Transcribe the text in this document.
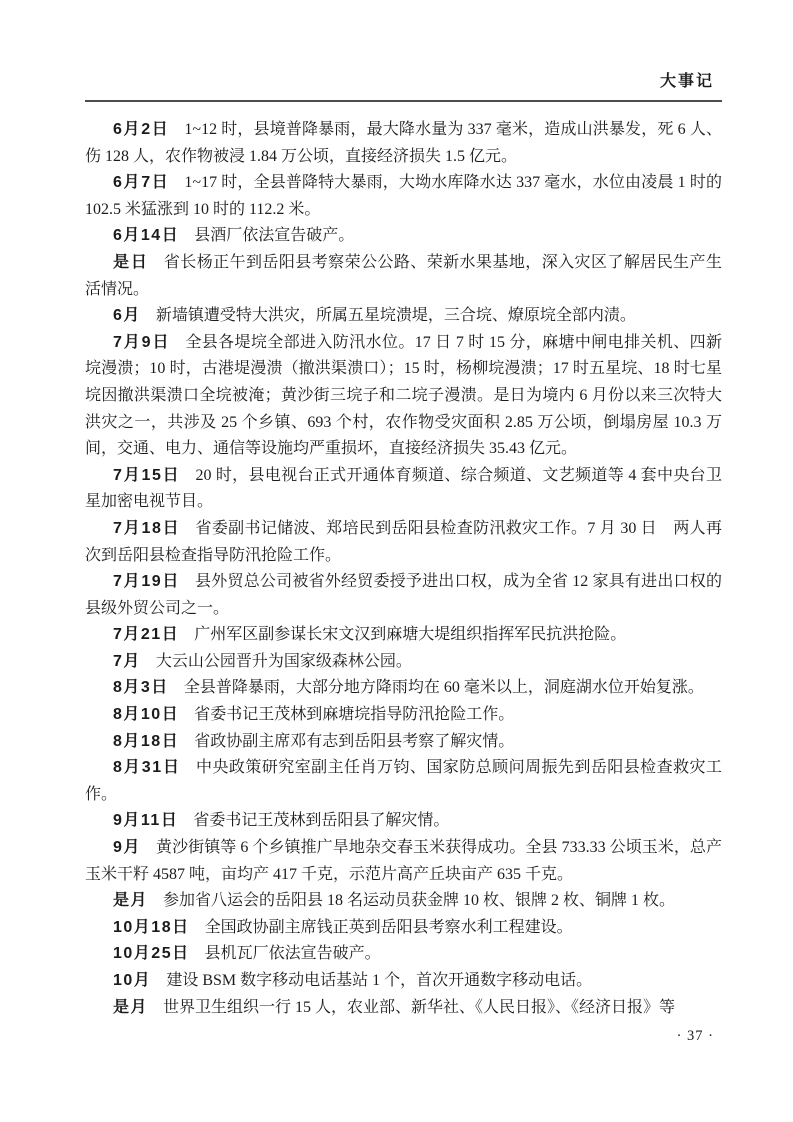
大事记

6月2日 1~12 时，县境普降暴雨，最大降水量为 337 毫米，造成山洪暴发，死 6 人、伤 128 人，农作物被浸 1.84 万公顷，直接经济损失 1.5 亿元。

6月7日 1~17 时，全县普降特大暴雨，大坳水库降水达 337 毫水，水位由凌晨 1 时的 102.5 米猛涨到 10 时的 112.2 米。

6月14日 县酒厂依法宣告破产。

是日 省长杨正午到岳阳县考察荣公公路、荣新水果基地，深入灾区了解居民生产生活情况。

6月 新墙镇遭受特大洪灾，所属五星垸溃堤，三合垸、燎原垸全部内渍。

7月9日 全县各堤垸全部进入防汛水位。17 日 7 时 15 分，麻塘中闸电排关机、四新垸漫溃；10 时，古港堤漫溃（撤洪渠溃口）；15 时，杨柳垸漫溃；17 时五星垸、18 时七星垸因撤洪渠溃口全垸被淹；黄沙街三垸子和二垸子漫溃。是日为境内 6 月份以来三次特大洪灾之一，共涉及 25 个乡镇、693 个村，农作物受灾面积 2.85 万公顷，倒塌房屋 10.3 万间，交通、电力、通信等设施均严重损坏，直接经济损失 35.43 亿元。

7月15日 20 时，县电视台正式开通体育频道、综合频道、文艺频道等 4 套中央台卫星加密电视节目。

7月18日 省委副书记储波、郑培民到岳阳县检查防汛救灾工作。7 月 30 日　两人再次到岳阳县检查指导防汛抢险工作。

7月19日 县外贸总公司被省外经贸委授予进出口权，成为全省 12 家具有进出口权的县级外贸公司之一。

7月21日 广州军区副参谋长宋文汉到麻塘大堤组织指挥军民抗洪抢险。

7月 大云山公园晋升为国家级森林公园。

8月3日 全县普降暴雨，大部分地方降雨均在 60 毫米以上，洞庭湖水位开始复涨。

8月10日 省委书记王茂林到麻塘垸指导防汛抢险工作。

8月18日 省政协副主席邓有志到岳阳县考察了解灾情。

8月31日 中央政策研究室副主任肖万钧、国家防总顾问周振先到岳阳县检查救灾工作。

9月11日 省委书记王茂林到岳阳县了解灾情。

9月 黄沙街镇等 6 个乡镇推广旱地杂交春玉米获得成功。全县 733.33 公顷玉米，总产玉米干籽 4587 吨，亩均产 417 千克，示范片高产丘块亩产 635 千克。

是月 参加省八运会的岳阳县 18 名运动员获金牌 10 枚、银牌 2 枚、铜牌 1 枚。

10月18日 全国政协副主席钱正英到岳阳县考察水利工程建设。

10月25日 县机瓦厂依法宣告破产。

10月 建设 BSM 数字移动电话基站 1 个，首次开通数字移动电话。

是月 世界卫生组织一行 15 人，农业部、新华社、《人民日报》、《经济日报》等

· 37 ·
